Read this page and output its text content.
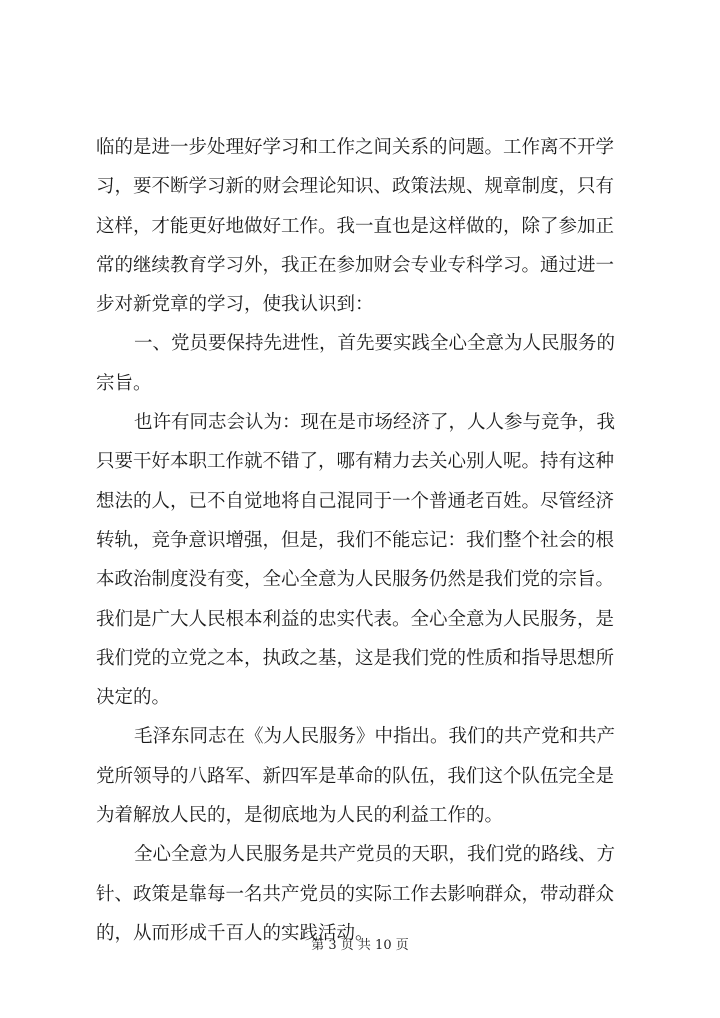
临的是进一步处理好学习和工作之间关系的问题。工作离不开学
习，要不断学习新的财会理论知识、政策法规、规章制度，只有
这样，才能更好地做好工作。我一直也是这样做的，除了参加正
常的继续教育学习外，我正在参加财会专业专科学习。通过进一
步对新党章的学习，使我认识到：

一、党员要保持先进性，首先要实践全心全意为人民服务的
宗旨。

也许有同志会认为：现在是市场经济了，人人参与竞争，我
只要干好本职工作就不错了，哪有精力去关心别人呢。持有这种
想法的人，已不自觉地将自己混同于一个普通老百姓。尽管经济
转轨，竞争意识增强，但是，我们不能忘记：我们整个社会的根
本政治制度没有变，全心全意为人民服务仍然是我们党的宗旨。
我们是广大人民根本利益的忠实代表。全心全意为人民服务，是
我们党的立党之本，执政之基，这是我们党的性质和指导思想所
决定的。

毛泽东同志在《为人民服务》中指出。我们的共产党和共产
党所领导的八路军、新四军是革命的队伍，我们这个队伍完全是
为着解放人民的，是彻底地为人民的利益工作的。

全心全意为人民服务是共产党员的天职，我们党的路线、方
针、政策是靠每一名共产党员的实际工作去影响群众，带动群众
的，从而形成千百人的实践活动。

第 3 页 共 10 页
